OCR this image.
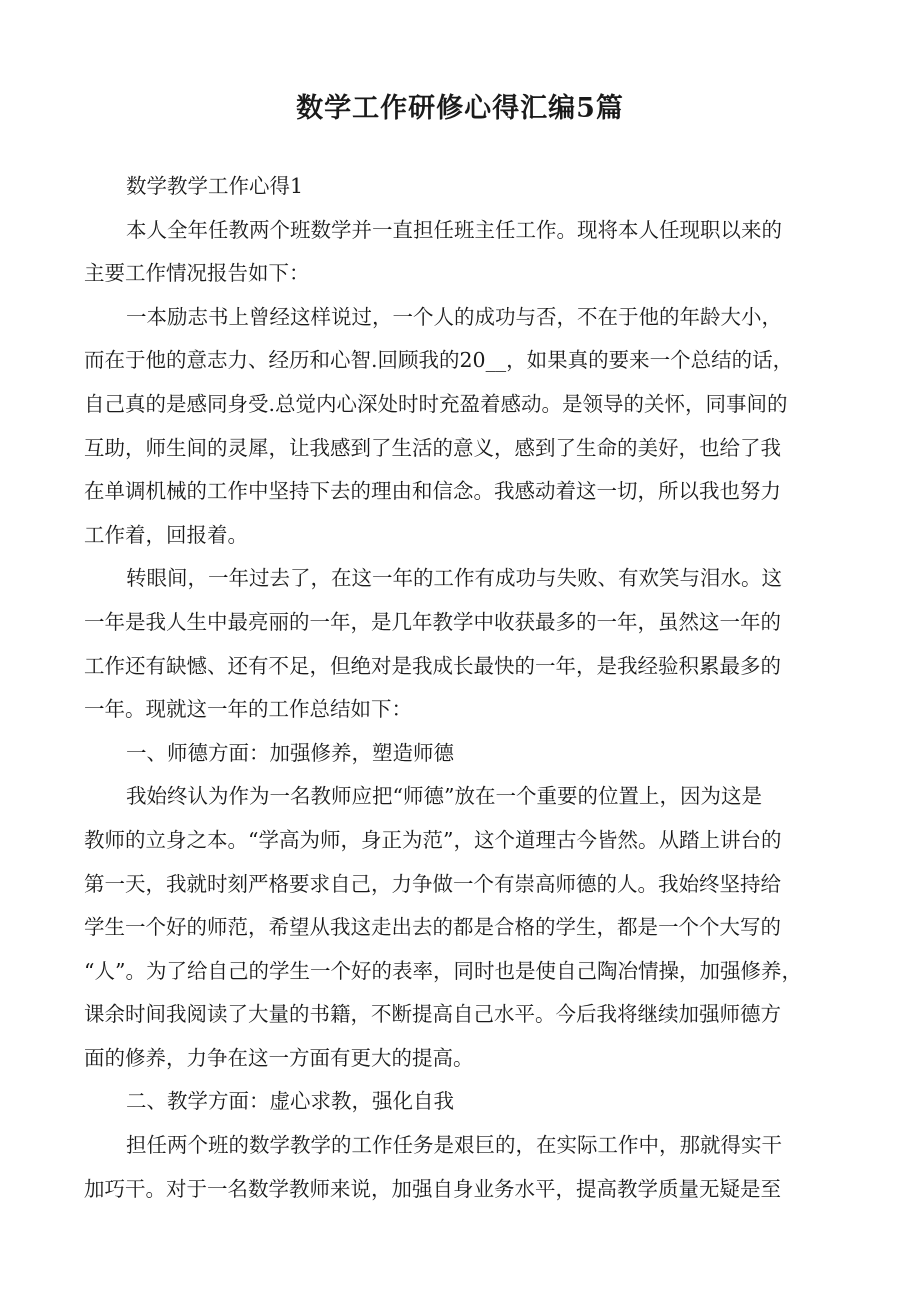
数学工作研修心得汇编5篇
数学教学工作心得1
本人全年任教两个班数学并一直担任班主任工作。现将本人任现职以来的
主要工作情况报告如下：
一本励志书上曾经这样说过，一个人的成功与否，不在于他的年龄大小，
而在于他的意志力、经历和心智.回顾我的20__，如果真的要来一个总结的话，
自己真的是感同身受.总觉内心深处时时充盈着感动。是领导的关怀，同事间的
互助，师生间的灵犀，让我感到了生活的意义，感到了生命的美好，也给了我
在单调机械的工作中坚持下去的理由和信念。我感动着这一切，所以我也努力
工作着，回报着。
转眼间，一年过去了，在这一年的工作有成功与失败、有欢笑与泪水。这
一年是我人生中最亮丽的一年，是几年教学中收获最多的一年，虽然这一年的
工作还有缺憾、还有不足，但绝对是我成长最快的一年，是我经验积累最多的
一年。现就这一年的工作总结如下：
一、师德方面：加强修养，塑造师德
我始终认为作为一名教师应把“师德”放在一个重要的位置上，因为这是
教师的立身之本。“学高为师，身正为范”，这个道理古今皆然。从踏上讲台的
第一天，我就时刻严格要求自己，力争做一个有崇高师德的人。我始终坚持给
学生一个好的师范，希望从我这走出去的都是合格的学生，都是一个个大写的
“人”。为了给自己的学生一个好的表率，同时也是使自己陶冶情操，加强修养，
课余时间我阅读了大量的书籍，不断提高自己水平。今后我将继续加强师德方
面的修养，力争在这一方面有更大的提高。
二、教学方面：虚心求教，强化自我
担任两个班的数学教学的工作任务是艰巨的，在实际工作中，那就得实干
加巧干。对于一名数学教师来说，加强自身业务水平，提高教学质量无疑是至
